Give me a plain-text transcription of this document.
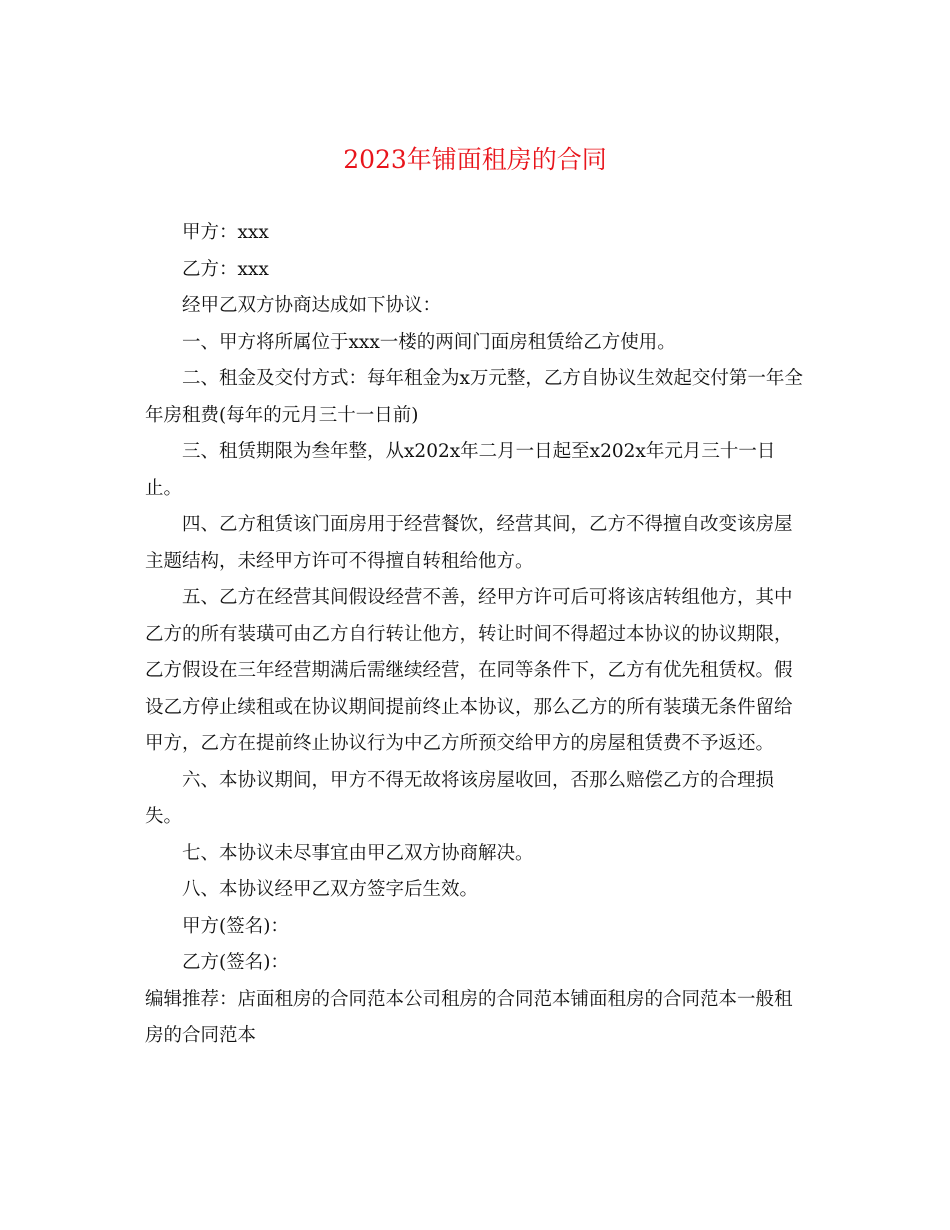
2023年铺面租房的合同

甲方：xxx

乙方：xxx

经甲乙双方协商达成如下协议：

一、甲方将所属位于xxx一楼的两间门面房租赁给乙方使用。

二、租金及交付方式：每年租金为x万元整，乙方自协议生效起交付第一年全年房租费(每年的元月三十一日前)

三、租赁期限为叁年整，从x202x年二月一日起至x202x年元月三十一日止。

四、乙方租赁该门面房用于经营餐饮，经营其间，乙方不得擅自改变该房屋主题结构，未经甲方许可不得擅自转租给他方。

五、乙方在经营其间假设经营不善，经甲方许可后可将该店转组他方，其中乙方的所有装璜可由乙方自行转让他方，转让时间不得超过本协议的协议期限，乙方假设在三年经营期满后需继续经营，在同等条件下，乙方有优先租赁权。假设乙方停止续租或在协议期间提前终止本协议，那么乙方的所有装璜无条件留给甲方，乙方在提前终止协议行为中乙方所预交给甲方的房屋租赁费不予返还。

六、本协议期间，甲方不得无故将该房屋收回，否那么赔偿乙方的合理损失。

七、本协议未尽事宜由甲乙双方协商解决。

八、本协议经甲乙双方签字后生效。

甲方(签名)：

乙方(签名)：

编辑推荐：店面租房的合同范本公司租房的合同范本铺面租房的合同范本一般租房的合同范本
